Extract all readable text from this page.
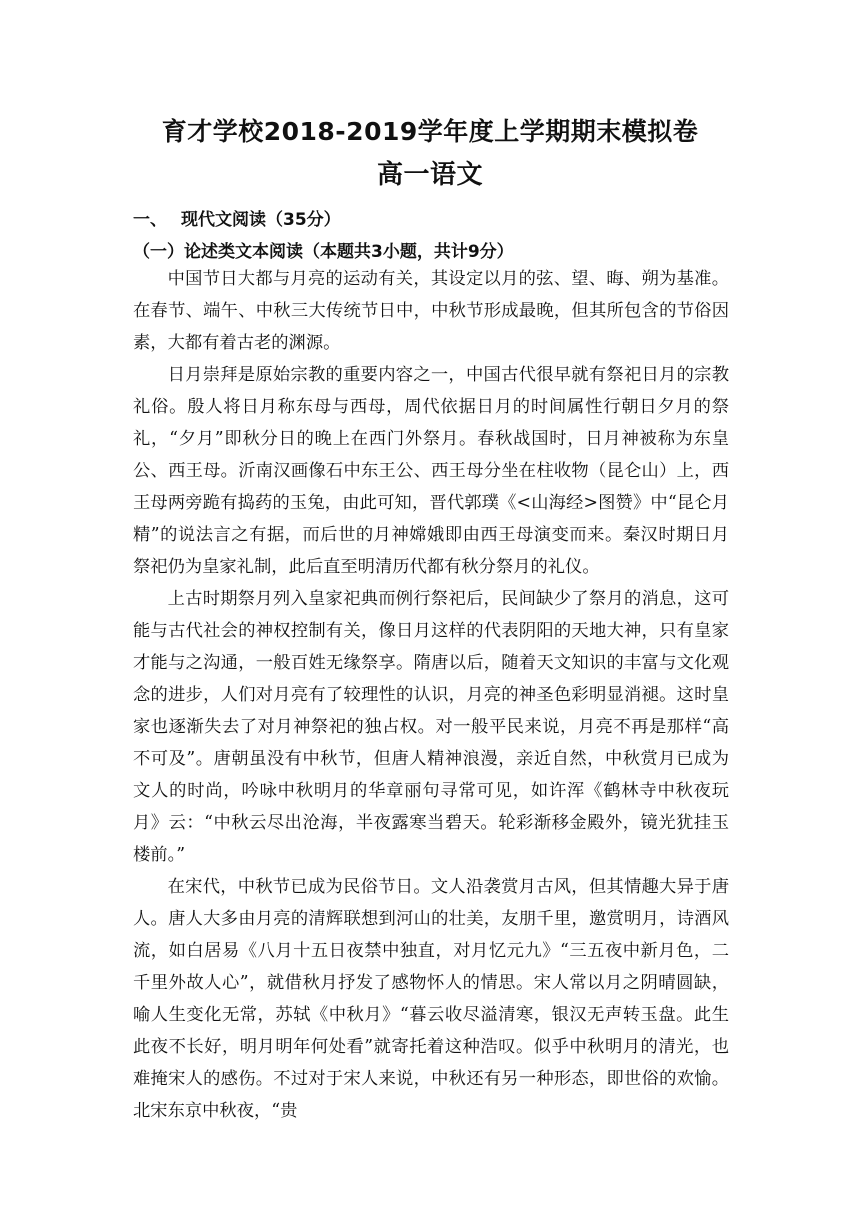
育才学校2018-2019学年度上学期期末模拟卷
高一语文
一、 现代文阅读（35分）
（一）论述类文本阅读（本题共3小题，共计9分）

中国节日大都与月亮的运动有关，其设定以月的弦、望、晦、朔为基准。在春节、端午、中秋三大传统节日中，中秋节形成最晚，但其所包含的节俗因素，大都有着古老的渊源。

日月崇拜是原始宗教的重要内容之一，中国古代很早就有祭祀日月的宗教礼俗。殷人将日月称东母与西母，周代依据日月的时间属性行朝日夕月的祭礼，“夕月”即秋分日的晚上在西门外祭月。春秋战国时，日月神被称为东皇公、西王母。沂南汉画像石中东王公、西王母分坐在柱收物（昆仑山）上，西王母两旁跪有捣药的玉兔，由此可知，晋代郭璞《<山海经>图赞》中“昆仑月精”的说法言之有据，而后世的月神嫦娥即由西王母演变而来。秦汉时期日月祭祀仍为皇家礼制，此后直至明清历代都有秋分祭月的礼仪。

上古时期祭月列入皇家祀典而例行祭祀后，民间缺少了祭月的消息，这可能与古代社会的神权控制有关，像日月这样的代表阴阳的天地大神，只有皇家才能与之沟通，一般百姓无缘祭享。隋唐以后，随着天文知识的丰富与文化观念的进步，人们对月亮有了较理性的认识，月亮的神圣色彩明显消褪。这时皇家也逐渐失去了对月神祭祀的独占权。对一般平民来说，月亮不再是那样“高不可及”。唐朝虽没有中秋节，但唐人精神浪漫，亲近自然，中秋赏月已成为文人的时尚，吟咏中秋明月的华章丽句寻常可见，如许浑《鹤林寺中秋夜玩月》云：“中秋云尽出沧海，半夜露寒当碧天。轮彩渐移金殿外，镜光犹挂玉楼前。”

在宋代，中秋节已成为民俗节日。文人沿袭赏月古风，但其情趣大异于唐人。唐人大多由月亮的清辉联想到河山的壮美，友朋千里，邀赏明月，诗酒风流，如白居易《八月十五日夜禁中独直，对月忆元九》“三五夜中新月色，二千里外故人心”，就借秋月抒发了感物怀人的情思。宋人常以月之阴晴圆缺，喻人生变化无常，苏轼《中秋月》“暮云收尽溢清寒，银汉无声转玉盘。此生此夜不长好，明月明年何处看”就寄托着这种浩叹。似乎中秋明月的清光，也难掩宋人的感伤。不过对于宋人来说，中秋还有另一种形态，即世俗的欢愉。北宋东京中秋夜，“贵
